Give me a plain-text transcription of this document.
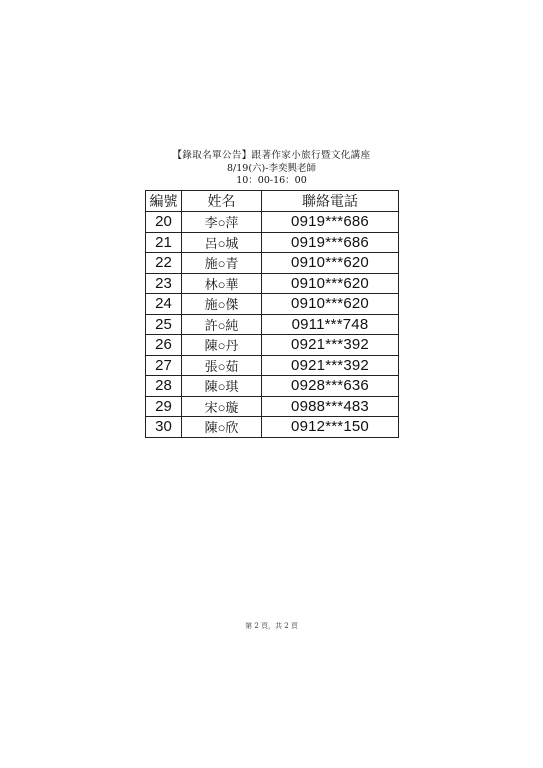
【錄取名單公告】跟著作家小旅行暨文化講座
8/19(六)-李奕興老師
10：00-16：00
編號	姓名	聯絡電話
20	李○萍	0919***686
21	呂○城	0919***686
22	施○青	0910***620
23	林○華	0910***620
24	施○傑	0910***620
25	許○純	0911***748
26	陳○丹	0921***392
27	張○茹	0921***392
28	陳○琪	0928***636
29	宋○璇	0988***483
30	陳○欣	0912***150
第 2 頁，共 2 頁
